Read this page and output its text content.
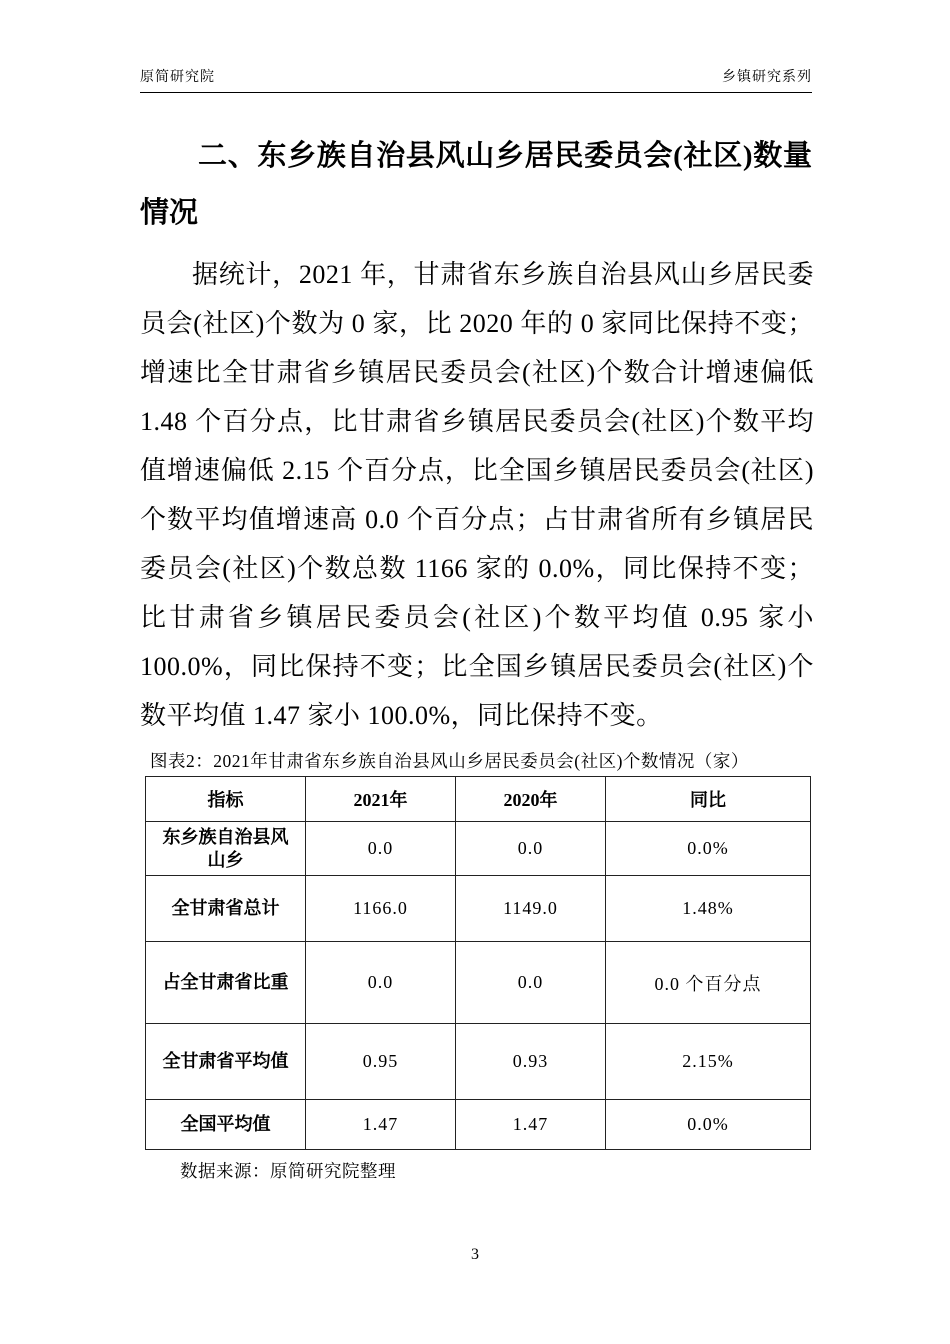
原简研究院	乡镇研究系列
二、东乡族自治县风山乡居民委员会(社区)数量情况

据统计，2021 年，甘肃省东乡族自治县风山乡居民委员会(社区)个数为 0 家，比 2020 年的 0 家同比保持不变；增速比全甘肃省乡镇居民委员会(社区)个数合计增速偏低 1.48 个百分点，比甘肃省乡镇居民委员会(社区)个数平均值增速偏低 2.15 个百分点，比全国乡镇居民委员会(社区)个数平均值增速高 0.0 个百分点；占甘肃省所有乡镇居民委员会(社区)个数总数 1166 家的 0.0%，同比保持不变；比甘肃省乡镇居民委员会(社区)个数平均值 0.95 家小 100.0%，同比保持不变；比全国乡镇居民委员会(社区)个数平均值 1.47 家小 100.0%，同比保持不变。

图表2：2021年甘肃省东乡族自治县风山乡居民委员会(社区)个数情况（家）
指标	2021年	2020年	同比
东乡族自治县风山乡	0.0	0.0	0.0%
全甘肃省总计	1166.0	1149.0	1.48%
占全甘肃省比重	0.0	0.0	0.0 个百分点
全甘肃省平均值	0.95	0.93	2.15%
全国平均值	1.47	1.47	0.0%
数据来源：原简研究院整理
3
